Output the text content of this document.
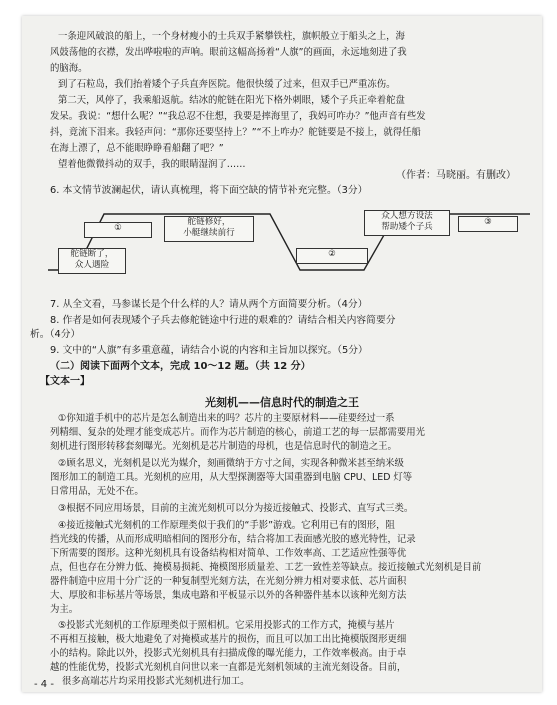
一条迎风破浪的船上，一个身材瘦小的士兵双手紧攀铁柱，旗帜般立于船头之上，海
风鼓荡他的衣襟，发出哗啦啦的声响。眼前这幅高扬着“人旗”的画面，永远地刻进了我
的脑海。
到了石粒岛，我们抬着矮个子兵直奔医院。他很快缓了过来，但双手已严重冻伤。
第二天，风停了，我乘船返航。结冰的舵链在阳光下格外刺眼，矮个子兵正牵着舵盘
发呆。我说：“想什么呢？”“我总忍不住想，我要是摔海里了，我妈可咋办？”他声音有些发
抖，竟流下泪来。我轻声问：“那你还要坚持上？”“不上咋办？舵链要是不接上，就得任船
在海上漂了，总不能眼睁睁看船翻了吧？”
望着他微微抖动的双手，我的眼睛湿润了……
（作者：马晓丽。有删改）
6. 本文情节波澜起伏，请认真梳理，将下面空缺的情节补充完整。（3分）
①
舵链修好，
小艇继续前行
舵链断了，
众人遇险
②
众人想方设法
帮助矮个子兵	③
7. 从全文看，马参谋长是个什么样的人？请从两个方面简要分析。（4分）
8. 作者是如何表现矮个子兵去修舵链途中行进的艰难的？请结合相关内容简要分
析。（4分）
9. 文中的“人旗”有多重意蕴，请结合小说的内容和主旨加以探究。（5分）
（二）阅读下面两个文本，完成 10～12 题。（共 12 分）
【文本一】
光刻机——信息时代的制造之王
①你知道手机中的芯片是怎么制造出来的吗？芯片的主要原材料——硅要经过一系
列精细、复杂的处理才能变成芯片。而作为芯片制造的核心，前道工艺的每一层都需要用光
刻机进行图形转移套刻曝光。光刻机是芯片制造的母机，也是信息时代的制造之王。
②顾名思义，光刻机是以光为媒介，刻画微纳于方寸之间，实现各种微米甚至纳米级
图形加工的制造工具。光刻机的应用，从大型探测器等大国重器到电脑 CPU、LED 灯等
日常用品，无处不在。
③根据不同应用场景，目前的主流光刻机可以分为接近接触式、投影式、直写式三类。
④接近接触式光刻机的工作原理类似于我们的“手影”游戏。它利用已有的图形，阻
挡光线的传播，从而形成明暗相间的图形分布，结合将加工表面感光胶的感光特性，记录
下所需要的图形。这种光刻机具有设备结构相对简单、工作效率高、工艺适应性强等优
点，但也存在分辨力低、掩模易损耗、掩模图形质量差、工艺一致性差等缺点。接近接触式光刻机是目前
器件制造中应用十分广泛的一种复制型光刻方法，在光刻分辨力相对要求低、芯片面积
大、厚胶和非标基片等场景，集成电路和平板显示以外的各种器件基本以该种光刻方法
为主。
⑤投影式光刻机的工作原理类似于照相机。它采用投影式的工作方式，掩模与基片
不再相互接触，极大地避免了对掩模或基片的损伤，而且可以加工出比掩模版图形更细
小的结构。除此以外，投影式光刻机具有扫描成像的曝光能力，工作效率极高。由于卓
越的性能优势，投影式光刻机自问世以来一直都是光刻机领域的主流光刻设备。目前，
很多高端芯片均采用投影式光刻机进行加工。
- 4 -
